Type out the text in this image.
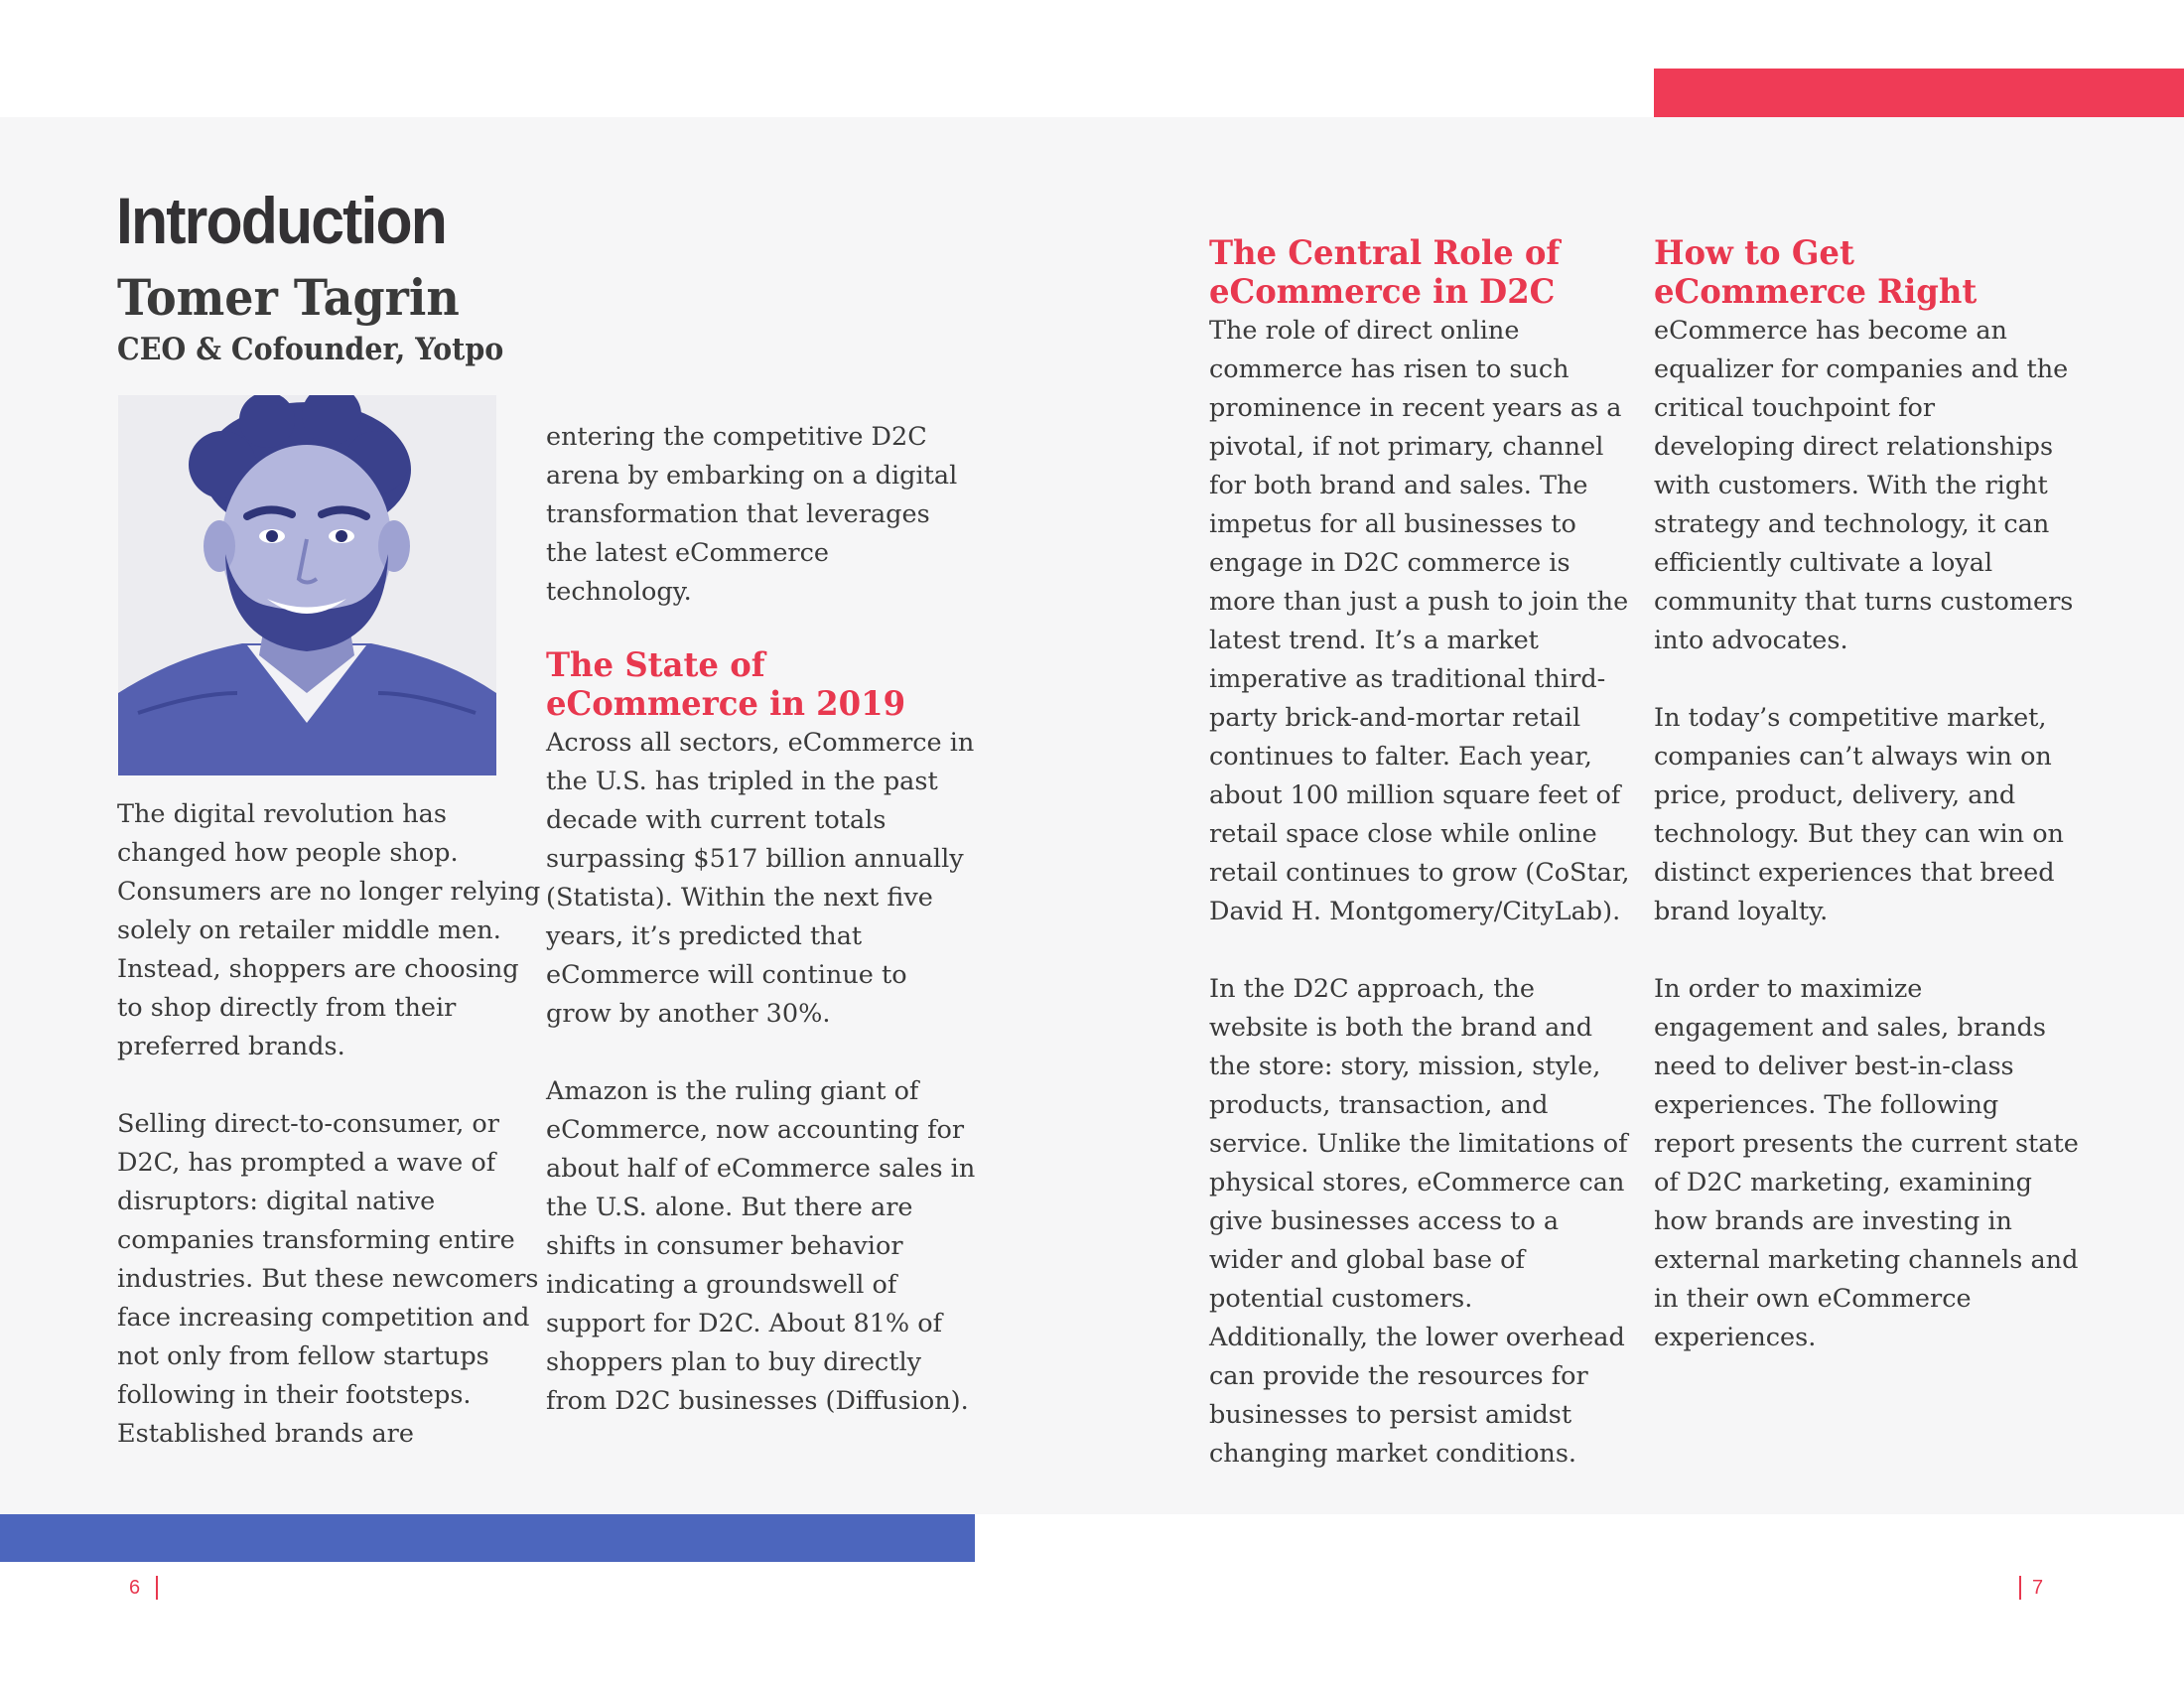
Introduction
Tomer Tagrin
CEO & Cofounder, Yotpo

The digital revolution has changed how people shop. Consumers are no longer relying solely on retailer middle men. Instead, shoppers are choosing to shop directly from their preferred brands.

Selling direct-to-consumer, or D2C, has prompted a wave of disruptors: digital native companies transforming entire industries. But these newcomers face increasing competition and not only from fellow startups following in their footsteps. Established brands are

entering the competitive D2C arena by embarking on a digital transformation that leverages the latest eCommerce technology.

The State of eCommerce in 2019

Across all sectors, eCommerce in the U.S. has tripled in the past decade with current totals surpassing $517 billion annually (Statista). Within the next five years, it’s predicted that eCommerce will continue to grow by another 30%.

Amazon is the ruling giant of eCommerce, now accounting for about half of eCommerce sales in the U.S. alone. But there are shifts in consumer behavior indicating a groundswell of support for D2C. About 81% of shoppers plan to buy directly from D2C businesses (Diffusion).

The Central Role of eCommerce in D2C

The role of direct online commerce has risen to such prominence in recent years as a pivotal, if not primary, channel for both brand and sales. The impetus for all businesses to engage in D2C commerce is more than just a push to join the latest trend. It’s a market imperative as traditional third-party brick-and-mortar retail continues to falter. Each year, about 100 million square feet of retail space close while online retail continues to grow (CoStar, David H. Montgomery/CityLab).

In the D2C approach, the website is both the brand and the store: story, mission, style, products, transaction, and service. Unlike the limitations of physical stores, eCommerce can give businesses access to a wider and global base of potential customers. Additionally, the lower overhead can provide the resources for businesses to persist amidst changing market conditions.

How to Get eCommerce Right

eCommerce has become an equalizer for companies and the critical touchpoint for developing direct relationships with customers. With the right strategy and technology, it can efficiently cultivate a loyal community that turns customers into advocates.

In today’s competitive market, companies can’t always win on price, product, delivery, and technology. But they can win on distinct experiences that breed brand loyalty.

In order to maximize engagement and sales, brands need to deliver best-in-class experiences. The following report presents the current state of D2C marketing, examining how brands are investing in external marketing channels and in their own eCommerce experiences.

6	7
